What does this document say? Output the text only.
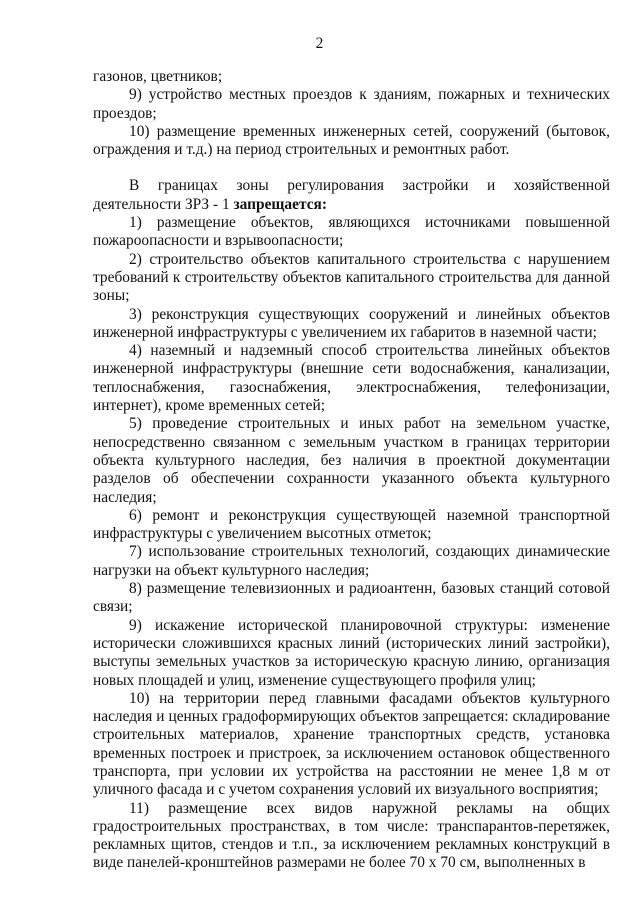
2

газонов, цветников;

9) устройство местных проездов к зданиям, пожарных и технических проездов;

10) размещение временных инженерных сетей, сооружений (бытовок, ограждения и т.д.) на период строительных и ремонтных работ.

В границах зоны регулирования застройки и хозяйственной деятельности ЗРЗ - 1 запрещается:

1) размещение объектов, являющихся источниками повышенной пожароопасности и взрывоопасности;

2) строительство объектов капитального строительства с нарушением требований к строительству объектов капитального строительства для данной зоны;

3) реконструкция существующих сооружений и линейных объектов инженерной инфраструктуры с увеличением их габаритов в наземной части;

4) наземный и надземный способ строительства линейных объектов инженерной инфраструктуры (внешние сети водоснабжения, канализации, теплоснабжения, газоснабжения, электроснабжения, телефонизации, интернет), кроме временных сетей;

5) проведение строительных и иных работ на земельном участке, непосредственно связанном с земельным участком в границах территории объекта культурного наследия, без наличия в проектной документации разделов об обеспечении сохранности указанного объекта культурного наследия;

6) ремонт и реконструкция существующей наземной транспортной инфраструктуры с увеличением высотных отметок;

7) использование строительных технологий, создающих динамические нагрузки на объект культурного наследия;

8) размещение телевизионных и радиоантенн, базовых станций сотовой связи;

9) искажение исторической планировочной структуры: изменение исторически сложившихся красных линий (исторических линий застройки), выступы земельных участков за историческую красную линию, организация новых площадей и улиц, изменение существующего профиля улиц;

10) на территории перед главными фасадами объектов культурного наследия и ценных градоформирующих объектов запрещается: складирование строительных материалов, хранение транспортных средств, установка временных построек и пристроек, за исключением остановок общественного транспорта, при условии их устройства на расстоянии не менее 1,8 м от уличного фасада и с учетом сохранения условий их визуального восприятия;

11) размещение всех видов наружной рекламы на общих градостроительных пространствах, в том числе: транспарантов-перетяжек, рекламных щитов, стендов и т.п., за исключением рекламных конструкций в виде панелей-кронштейнов размерами не более 70 х 70 см, выполненных в
